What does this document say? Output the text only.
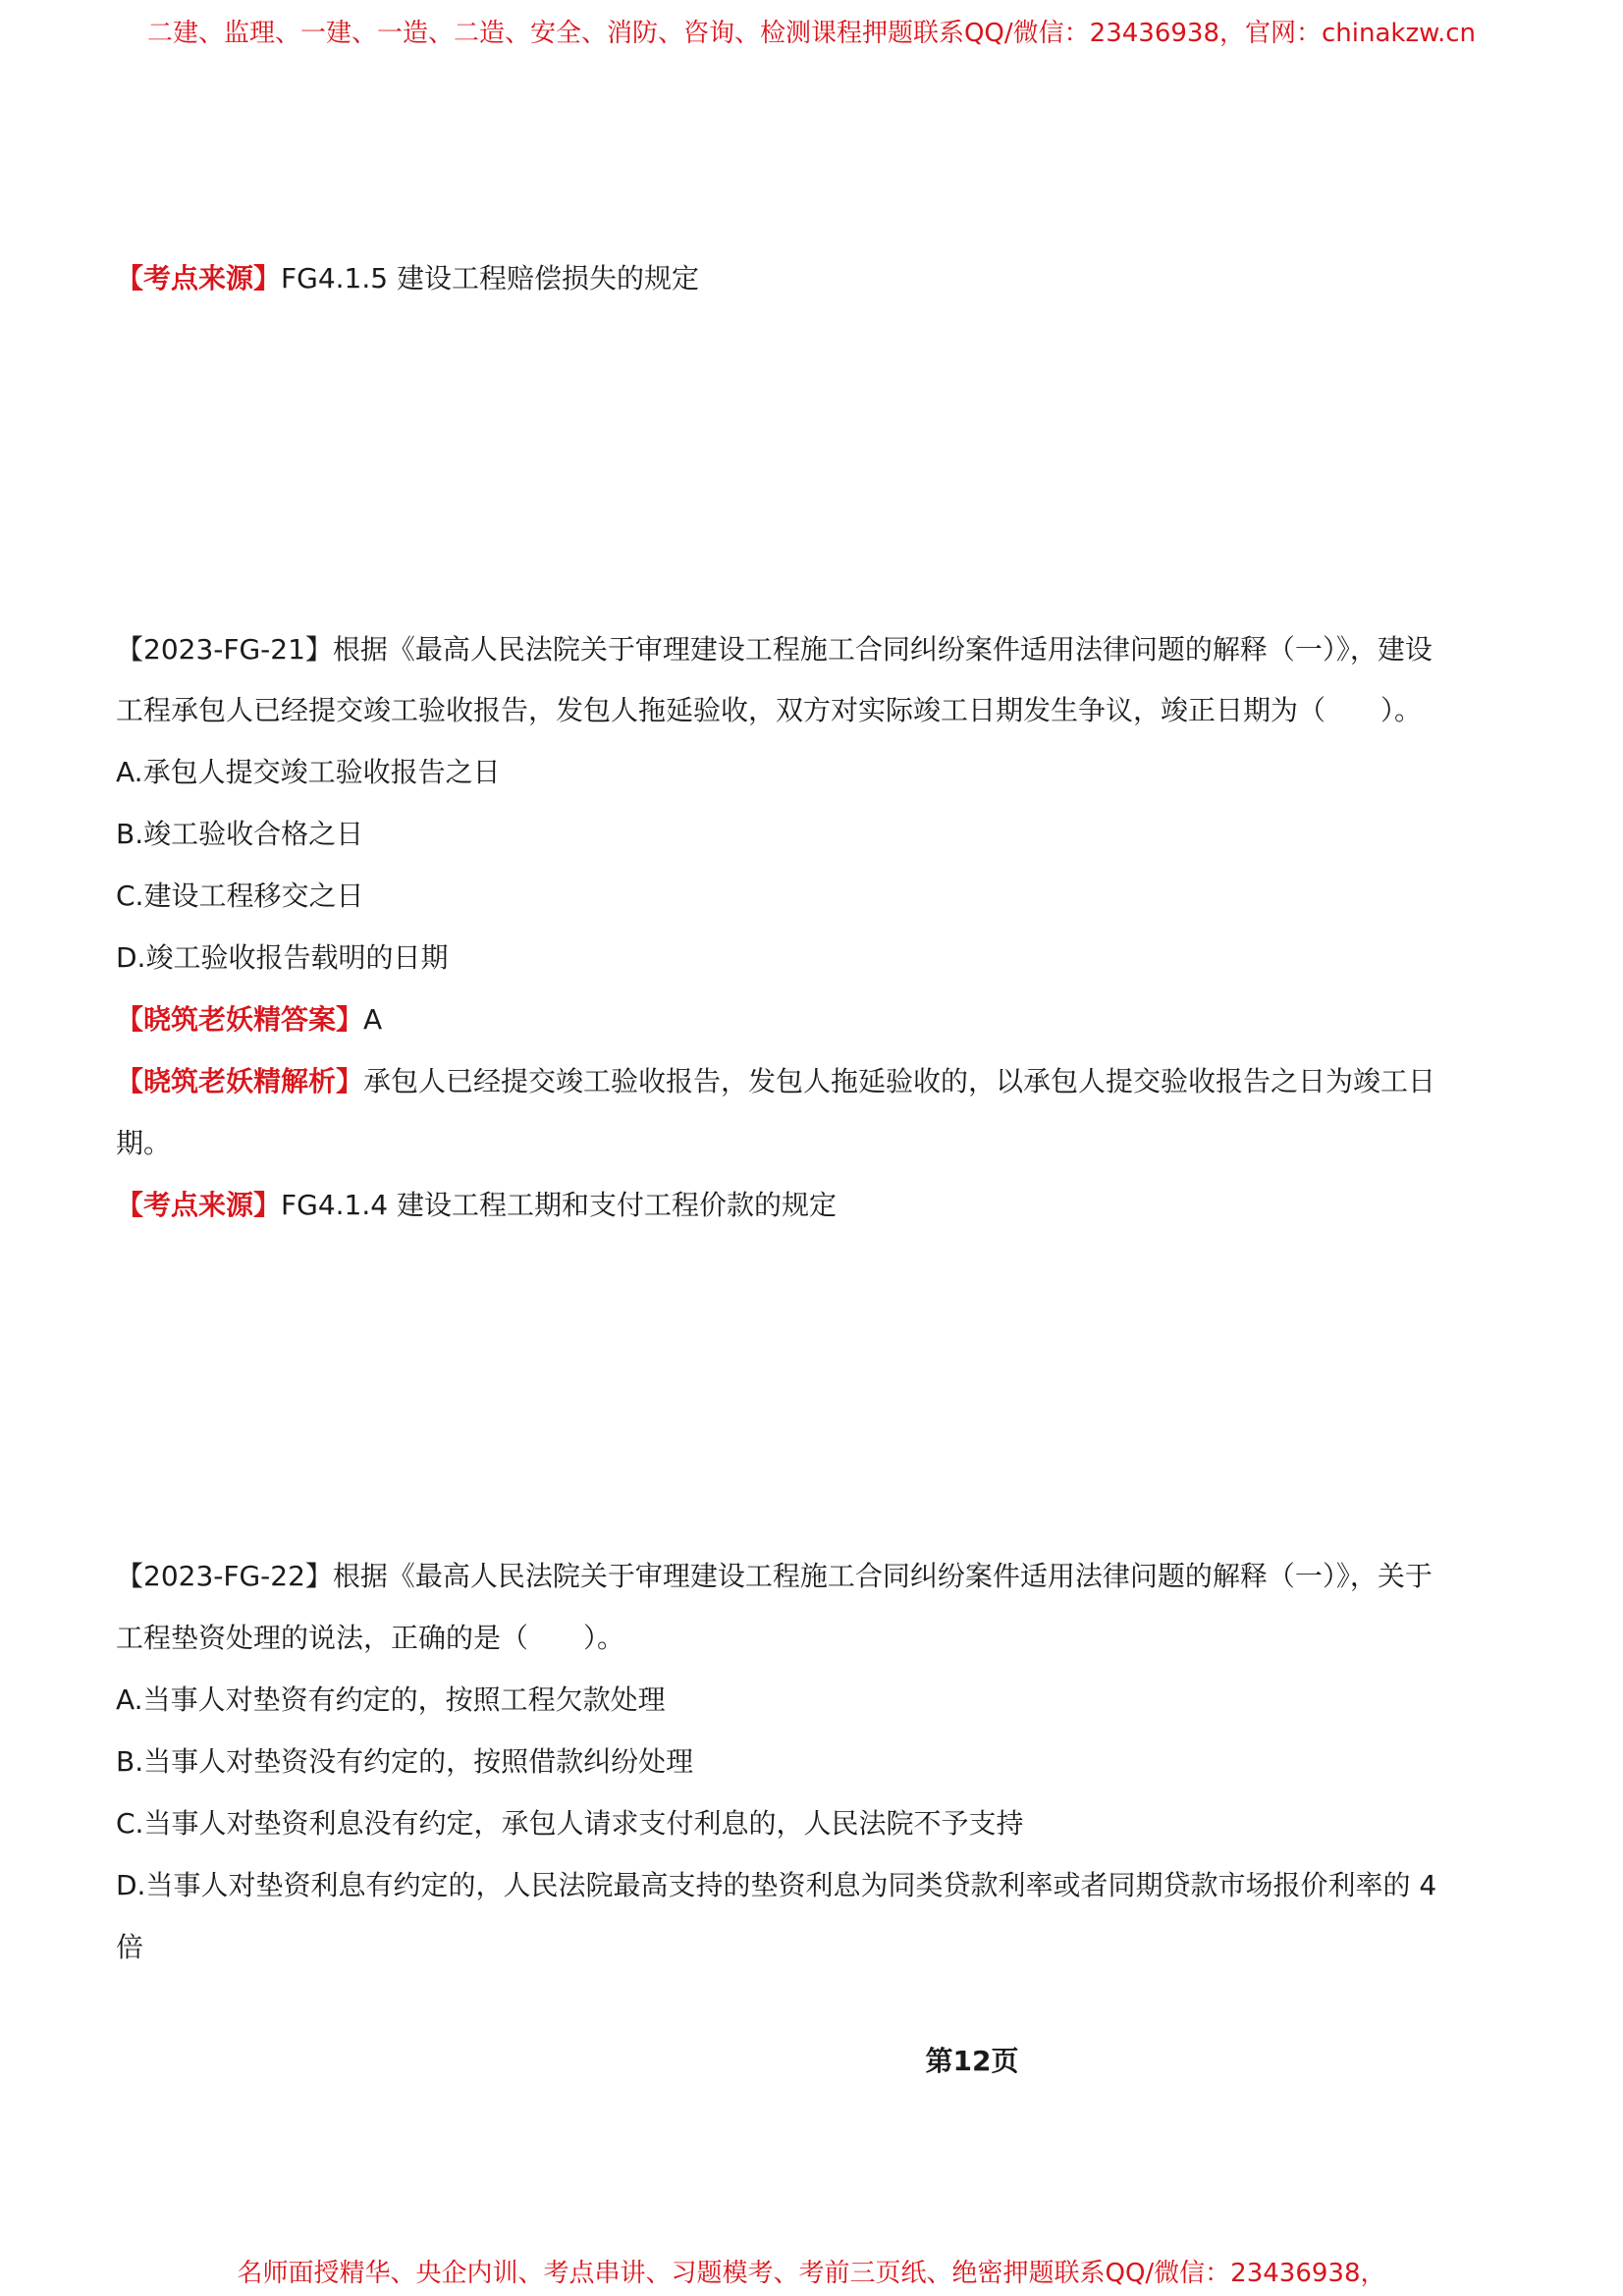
二建、监理、一建、一造、二造、安全、消防、咨询、检测课程押题联系QQ/微信：23436938，官网：chinakzw.cn
【考点来源】FG4.1.5 建设工程赔偿损失的规定
【2023-FG-21】根据《最高人民法院关于审理建设工程施工合同纠纷案件适用法律问题的解释（一）》，建设
工程承包人已经提交竣工验收报告，发包人拖延验收，双方对实际竣工日期发生争议，竣正日期为（　　）。
A.承包人提交竣工验收报告之日
B.竣工验收合格之日
C.建设工程移交之日
D.竣工验收报告载明的日期
【晓筑老妖精答案】A
【晓筑老妖精解析】承包人已经提交竣工验收报告，发包人拖延验收的，以承包人提交验收报告之日为竣工日
期。
【考点来源】FG4.1.4 建设工程工期和支付工程价款的规定
【2023-FG-22】根据《最高人民法院关于审理建设工程施工合同纠纷案件适用法律问题的解释（一）》，关于
工程垫资处理的说法，正确的是（　　）。
A.当事人对垫资有约定的，按照工程欠款处理
B.当事人对垫资没有约定的，按照借款纠纷处理
C.当事人对垫资利息没有约定，承包人请求支付利息的，人民法院不予支持
D.当事人对垫资利息有约定的，人民法院最高支持的垫资利息为同类贷款利率或者同期贷款市场报价利率的 4
倍
第12页
名师面授精华、央企内训、考点串讲、习题模考、考前三页纸、绝密押题联系QQ/微信：23436938，
